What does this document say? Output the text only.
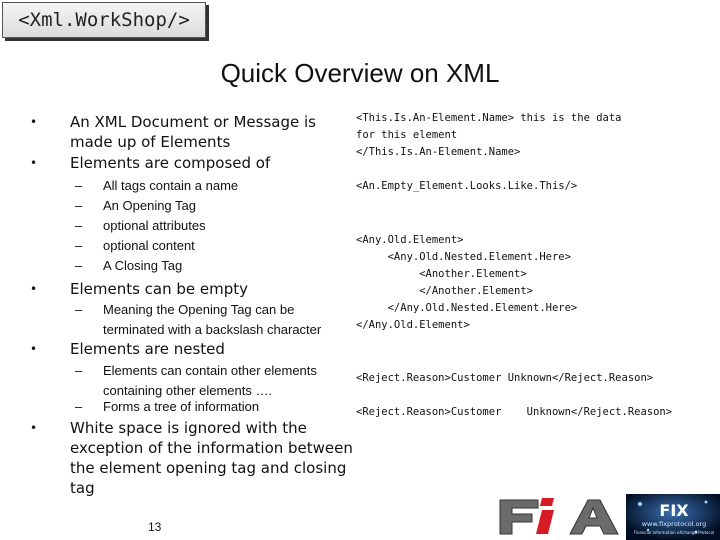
<Xml.WorkShop/>
Quick Overview on XML
• An XML Document or Message is made up of Elements
• Elements are composed of
– All tags contain a name
– An Opening Tag
– optional attributes
– optional content
– A Closing Tag
• Elements can be empty
– Meaning the Opening Tag can be terminated with a backslash character
• Elements are nested
– Elements can contain other elements containing other elements ….
– Forms a tree of information
• White space is ignored with the exception of the information between the element opening tag and closing tag
<This.Is.An-Element.Name> this is the data
for this element
</This.Is.An-Element.Name>
<An.Empty_Element.Looks.Like.This/>
<Any.Old.Element>
<Any.Old.Nested.Element.Here>
<Another.Element>
</Another.Element>
</Any.Old.Nested.Element.Here>
</Any.Old.Element>
<Reject.Reason>Customer Unknown</Reject.Reason>
<Reject.Reason>Customer    Unknown</Reject.Reason>
13
FIA
FIX
www.fixprotocol.org
Financial Information eXchange Protocol
